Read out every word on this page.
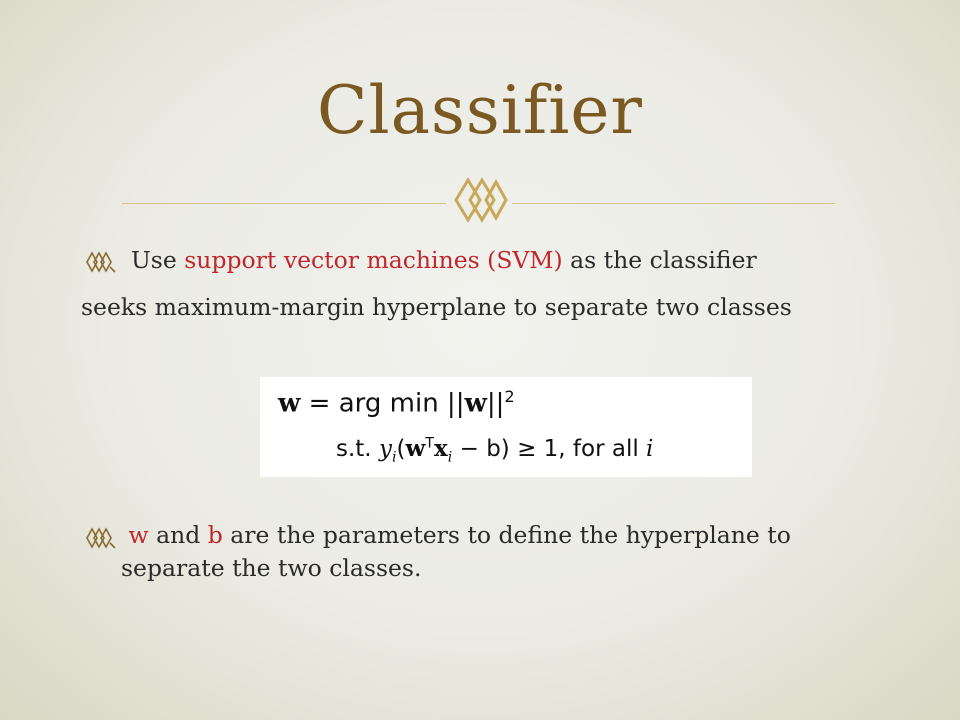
Classifier
Use support vector machines (SVM) as the classifier
seeks maximum-margin hyperplane to separate two classes
w = arg $\min ||w||^2$
s.t. $y_i(w^Tx_i - b) \ge 1$, for all i
w and b are the parameters to define the hyperplane to separate the two classes.
